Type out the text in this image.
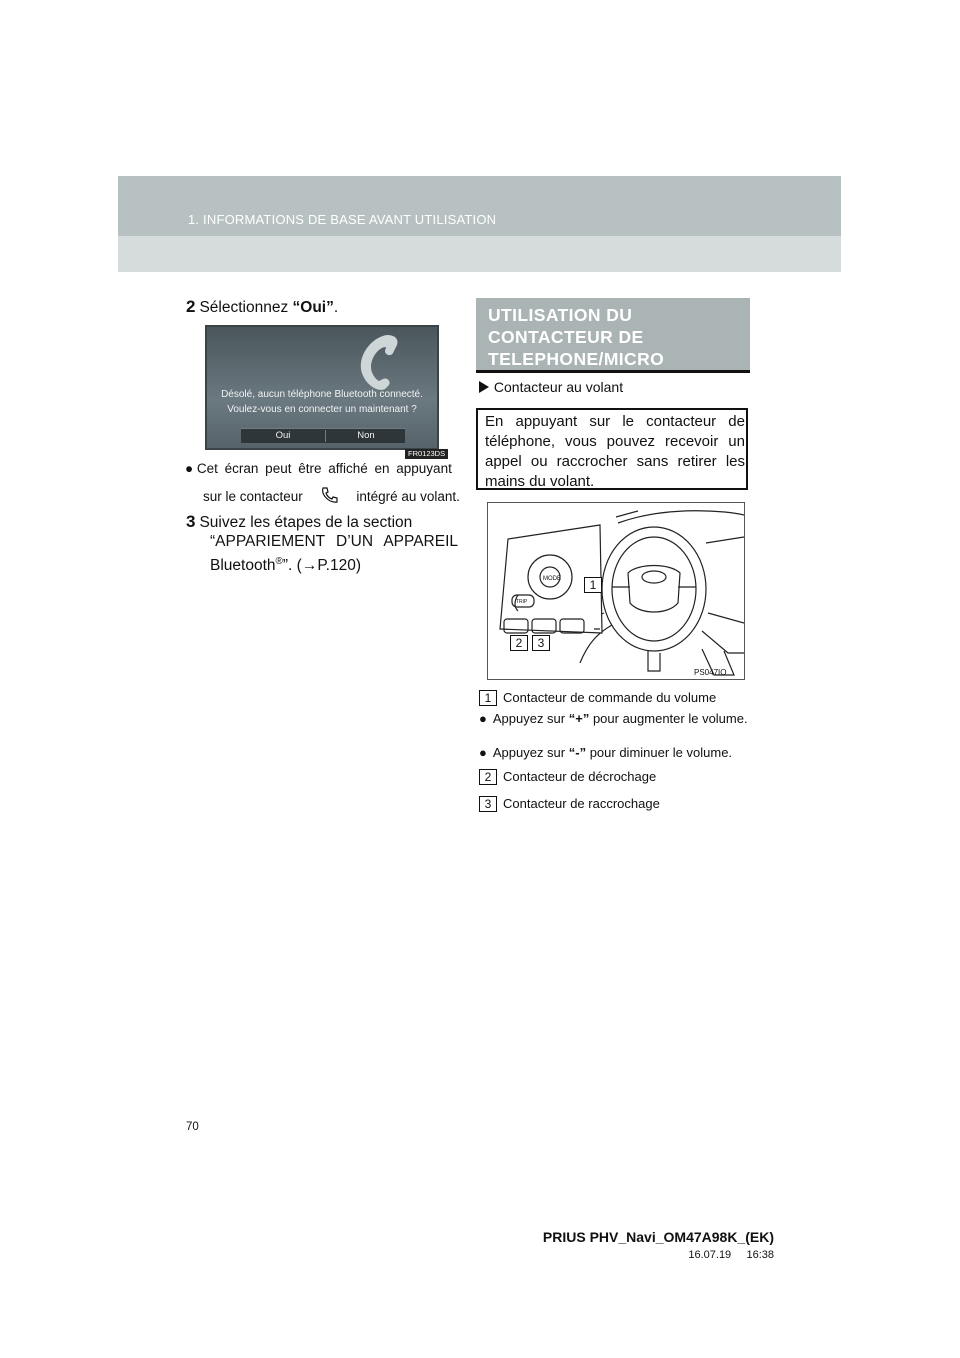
1. INFORMATIONS DE BASE AVANT UTILISATION
2 Sélectionnez “Oui”.
Désolé, aucun téléphone Bluetooth connecté.
Voulez-vous en connecter un maintenant ?
Oui	Non
FR0123DS
● Cet écran peut être affiché en appuyant
sur le contacteur	intégré au volant.
3 Suivez les étapes de la section
“APPARIEMENT D’UN APPAREIL
Bluetooth®”. (→P.120)
UTILISATION DU
CONTACTEUR DE
TELEPHONE/MICRO
Contacteur au volant
En appuyant sur le contacteur de téléphone, vous pouvez recevoir un appel ou raccrocher sans retirer les mains du volant.
MODE
TRIP
1
2	3
PS047IO
1 Contacteur de commande du volume
● Appuyez sur “+” pour augmenter le volume.
● Appuyez sur “-” pour diminuer le volume.
2 Contacteur de décrochage
3 Contacteur de raccrochage
70
PRIUS PHV_Navi_OM47A98K_(EK)
16.07.19     16:38
